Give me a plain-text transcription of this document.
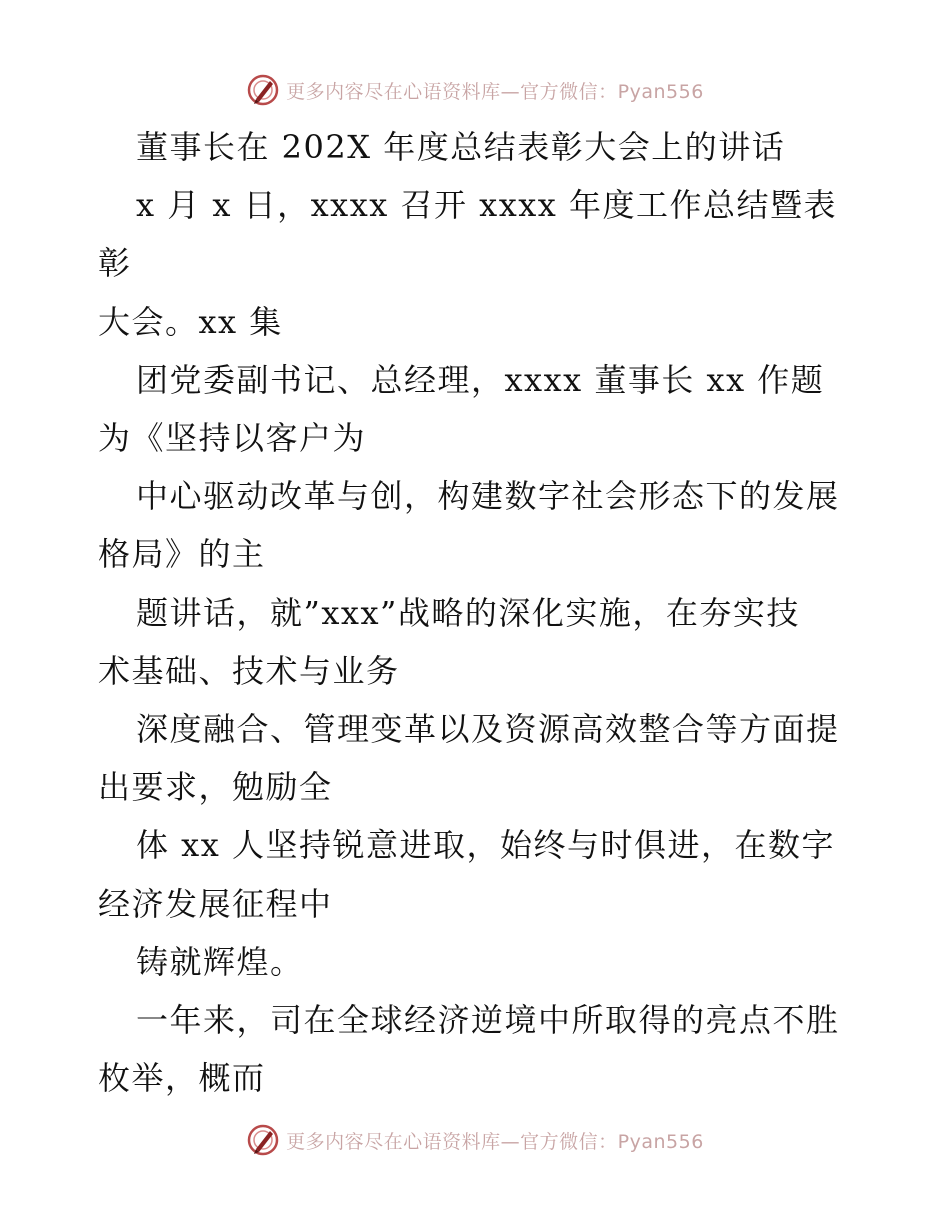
更多内容尽在心语资料库—官方微信：Pyan556

董事长在 202X 年度总结表彰大会上的讲话

x 月 x 日，xxxx 召开 xxxx 年度工作总结暨表彰

大会。xx 集

团党委副书记、总经理，xxxx 董事长 xx 作题

为《坚持以客户为

中心驱动改革与创，构建数字社会形态下的发展

格局》的主

题讲话，就”xxx”战略的深化实施，在夯实技

术基础、技术与业务

深度融合、管理变革以及资源高效整合等方面提

出要求，勉励全

体 xx 人坚持锐意进取，始终与时俱进，在数字

经济发展征程中

铸就辉煌。

一年来，司在全球经济逆境中所取得的亮点不胜

枚举，概而

更多内容尽在心语资料库—官方微信：Pyan556
